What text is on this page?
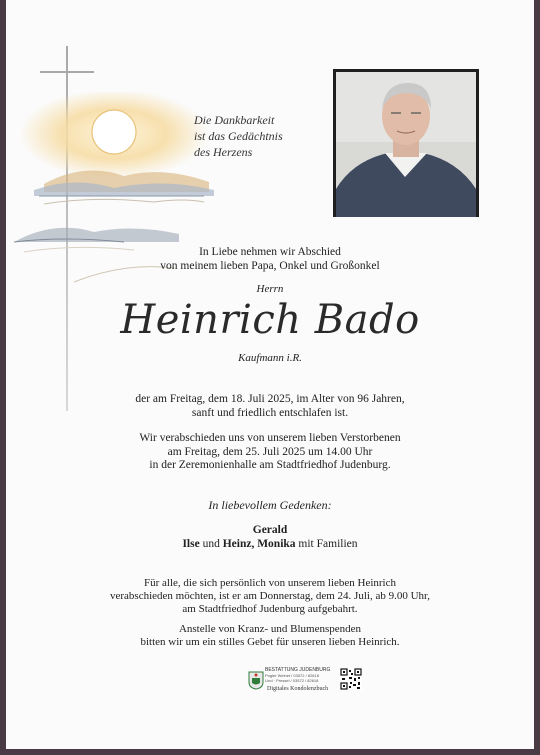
Die Dankbarkeit
ist das Gedächtnis
des Herzens
In Liebe nehmen wir Abschied
von meinem lieben Papa, Onkel und Großonkel
Herrn
Heinrich Bado
Kaufmann i.R.
der am Freitag, dem 18. Juli 2025, im Alter von 96 Jahren,
sanft und friedlich entschlafen ist.
Wir verabschieden uns von unserem lieben Verstorbenen
am Freitag, dem 25. Juli 2025 um 14.00 Uhr
in der Zeremonienhalle am Stadtfriedhof Judenburg.
In liebevollem Gedenken:
Gerald
Ilse und Heinz, Monika mit Familien
Für alle, die sich persönlich von unserem lieben Heinrich
verabschieden möchten, ist er am Donnerstag, dem 24. Juli, ab 9.00 Uhr,
am Stadtfriedhof Judenburg aufgebahrt.
Anstelle von Kranz- und Blumenspenden
bitten wir um ein stilles Gebet für unseren lieben Heinrich.
BESTATTUNG JUDENBURG
Pogier Weinet / 03572 / 82618
Lind · Pressel / 03572 / 82618
Digitales Kondolenzbuch
